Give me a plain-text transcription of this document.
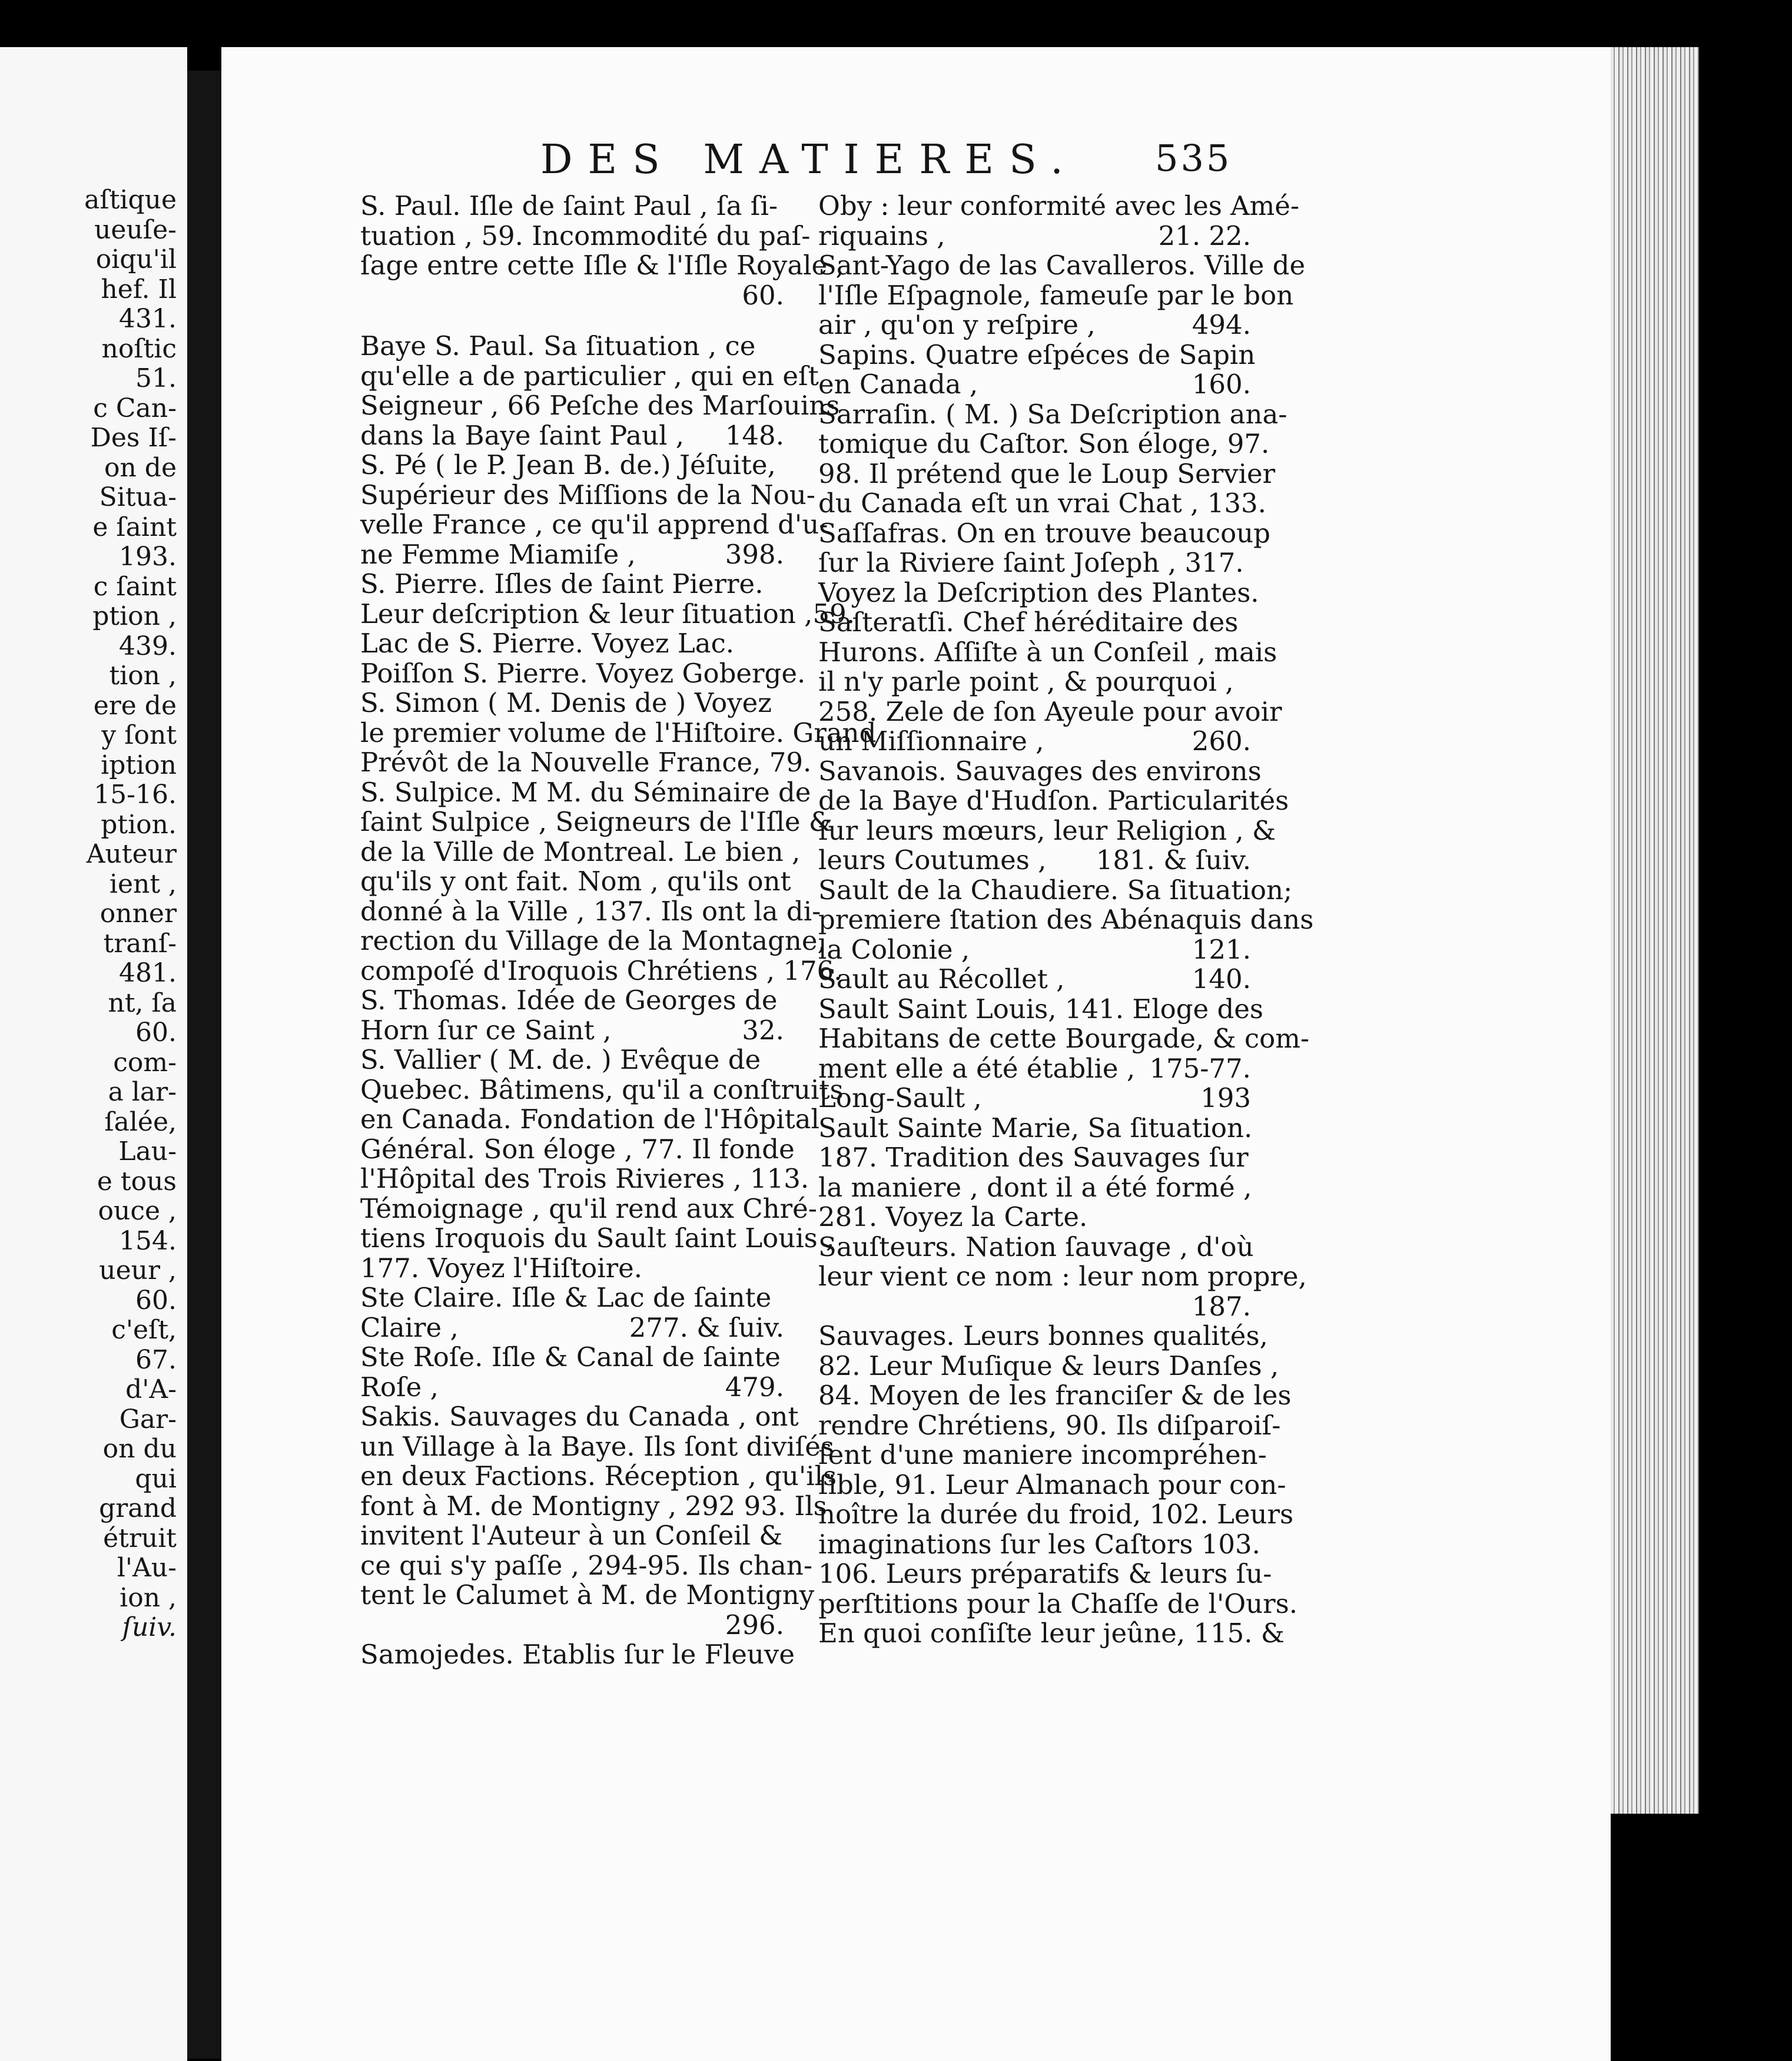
aſtique
ueuſe-
oiqu'il
hef. Il
431.
noſtic
51.
c Can-
Des Iſ-
on de
Situa-
e ſaint
193.
c ſaint
ption ,
439.
tion ,
ere de
y ſont
iption
15-16.
ption.
Auteur
ient ,
onner
tranſ-
481.
nt, ſa
60.
com-
a lar-
ſalée,
Lau-
e tous
ouce ,
154.
ueur ,
60.
c'eſt,
67.
d'A-
Gar-
on du
qui
grand
étruit
l'Au-
ion ,
ſuiv.
DES MATIERES.	535
S. Paul. Iſle de ſaint Paul , ſa ſi-
tuation , 59. Incommodité du paſ-
ſage entre cette Iſle & l'Iſle Royale ,
60.
Baye S. Paul. Sa ſituation , ce
qu'elle a de particulier , qui en eſt
Seigneur , 66 Peſche des Marſouins
dans la Baye ſaint Paul , 148.
S. Pé ( le P. Jean B. de.) Jéſuite,
Supérieur des Miſſions de la Nou-
velle France , ce qu'il apprend d'u-
ne Femme Miamiſe ,	398.
S. Pierre. Iſles de ſaint Pierre.
Leur deſcription & leur ſituation ,59.
Lac de S. Pierre. Voyez Lac.
Poiſſon S. Pierre. Voyez Goberge.
S. Simon ( M. Denis de ) Voyez
le premier volume de l'Hiſtoire. Grand
Prévôt de la Nouvelle France, 79.
S. Sulpice. M M. du Séminaire de
ſaint Sulpice , Seigneurs de l'Iſle &
de la Ville de Montreal. Le bien ,
qu'ils y ont fait. Nom , qu'ils ont
donné à la Ville , 137. Ils ont la di-
rection du Village de la Montagne,
compoſé d'Iroquois Chrétiens , 176.
S. Thomas. Idée de Georges de
Horn ſur ce Saint ,	32.
S. Vallier ( M. de. ) Evêque de
Quebec. Bâtimens, qu'il a conſtruits
en Canada. Fondation de l'Hôpital
Général. Son éloge , 77. Il fonde
l'Hôpital des Trois Rivieres , 113.
Témoignage , qu'il rend aux Chré-
tiens Iroquois du Sault ſaint Louis ,
177. Voyez l'Hiſtoire.
Ste Claire. Iſle & Lac de ſainte
Claire ,	277. & ſuiv.
Ste Roſe. Iſle & Canal de ſainte
Roſe ,	479.
Sakis. Sauvages du Canada , ont
un Village à la Baye. Ils ſont diviſés
en deux Factions. Réception , qu'ils
font à M. de Montigny , 292 93. Ils
invitent l'Auteur à un Conſeil &
ce qui s'y paſſe , 294-95. Ils chan-
tent le Calumet à M. de Montigny
296.
Samojedes. Etablis ſur le Fleuve
Oby : leur conformité avec les Amé-
riquains ,	21. 22.
Sant-Yago de las Cavalleros. Ville de
l'Iſle Eſpagnole, fameuſe par le bon
air , qu'on y reſpire ,	494.
Sapins. Quatre eſpéces de Sapin
en Canada ,	160.
Sarraſin. ( M. ) Sa Deſcription ana-
tomique du Caſtor. Son éloge, 97.
98. Il prétend que le Loup Servier
du Canada eſt un vrai Chat , 133.
Saſſafras. On en trouve beaucoup
ſur la Riviere ſaint Joſeph , 317.
Voyez la Deſcription des Plantes.
Saſteratſi. Chef héréditaire des
Hurons. Aſſiſte à un Conſeil , mais
il n'y parle point , & pourquoi ,
258. Zele de ſon Ayeule pour avoir
un Miſſionnaire ,	260.
Savanois. Sauvages des environs
de la Baye d'Hudſon. Particularités
ſur leurs mœurs, leur Religion , &
leurs Coutumes , 181. & ſuiv.
Sault de la Chaudiere. Sa ſituation;
premiere ſtation des Abénaquis dans
la Colonie ,	121.
Sault au Récollet ,	140.
Sault Saint Louis, 141. Eloge des
Habitans de cette Bourgade, & com-
ment elle a été établie , 175-77.
Long-Sault ,	193
Sault Sainte Marie, Sa ſituation.
187. Tradition des Sauvages ſur
la maniere , dont il a été formé ,
281. Voyez la Carte.
Sauſteurs. Nation ſauvage , d'où
leur vient ce nom : leur nom propre,
187.
Sauvages. Leurs bonnes qualités,
82. Leur Muſique & leurs Danſes ,
84. Moyen de les franciſer & de les
rendre Chrétiens, 90. Ils diſparoiſ-
ſent d'une maniere incompréhen-
ſible, 91. Leur Almanach pour con-
noître la durée du froid, 102. Leurs
imaginations ſur les Caſtors 103.
106. Leurs préparatifs & leurs ſu-
perſtitions pour la Chaſſe de l'Ours.
En quoi conſiſte leur jeûne, 115. &
